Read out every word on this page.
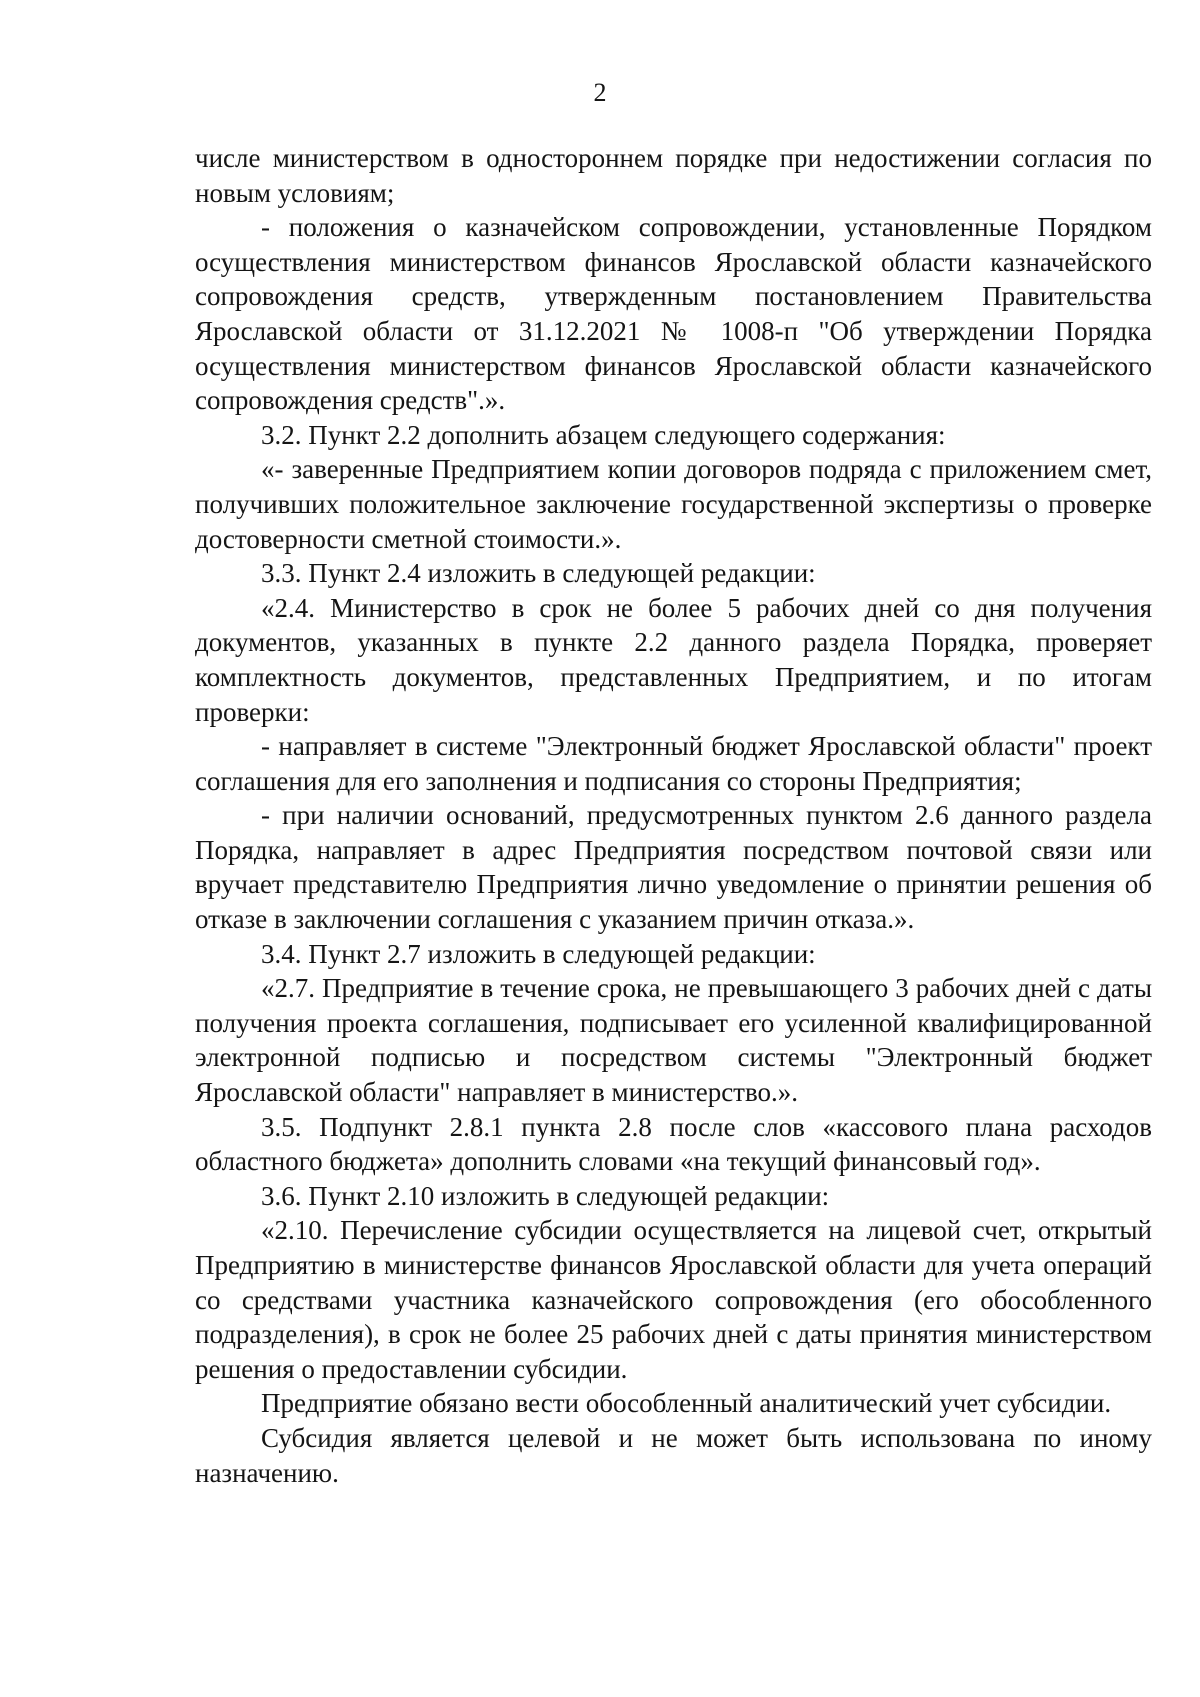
2

числе министерством в одностороннем порядке при недостижении согласия по новым условиям;

- положения о казначейском сопровождении, установленные Порядком осуществления министерством финансов Ярославской области казначейского сопровождения средств, утвержденным постановлением Правительства Ярославской области от 31.12.2021 № 1008-п "Об утверждении Порядка осуществления министерством финансов Ярославской области казначейского сопровождения средств".».

3.2. Пункт 2.2 дополнить абзацем следующего содержания:

«- заверенные Предприятием копии договоров подряда с приложением смет, получивших положительное заключение государственной экспертизы о проверке достоверности сметной стоимости.».

3.3. Пункт 2.4 изложить в следующей редакции:

«2.4. Министерство в срок не более 5 рабочих дней со дня получения документов, указанных в пункте 2.2 данного раздела Порядка, проверяет комплектность документов, представленных Предприятием, и по итогам проверки:

- направляет в системе "Электронный бюджет Ярославской области" проект соглашения для его заполнения и подписания со стороны Предприятия;

- при наличии оснований, предусмотренных пунктом 2.6 данного раздела Порядка, направляет в адрес Предприятия посредством почтовой связи или вручает представителю Предприятия лично уведомление о принятии решения об отказе в заключении соглашения с указанием причин отказа.».

3.4. Пункт 2.7 изложить в следующей редакции:

«2.7. Предприятие в течение срока, не превышающего 3 рабочих дней с даты получения проекта соглашения, подписывает его усиленной квалифицированной электронной подписью и посредством системы "Электронный бюджет Ярославской области" направляет в министерство.».

3.5. Подпункт 2.8.1 пункта 2.8 после слов «кассового плана расходов областного бюджета» дополнить словами «на текущий финансовый год».

3.6. Пункт 2.10 изложить в следующей редакции:

«2.10. Перечисление субсидии осуществляется на лицевой счет, открытый Предприятию в министерстве финансов Ярославской области для учета операций со средствами участника казначейского сопровождения (его обособленного подразделения), в срок не более 25 рабочих дней с даты принятия министерством решения о предоставлении субсидии.

Предприятие обязано вести обособленный аналитический учет субсидии.

Субсидия является целевой и не может быть использована по иному назначению.
